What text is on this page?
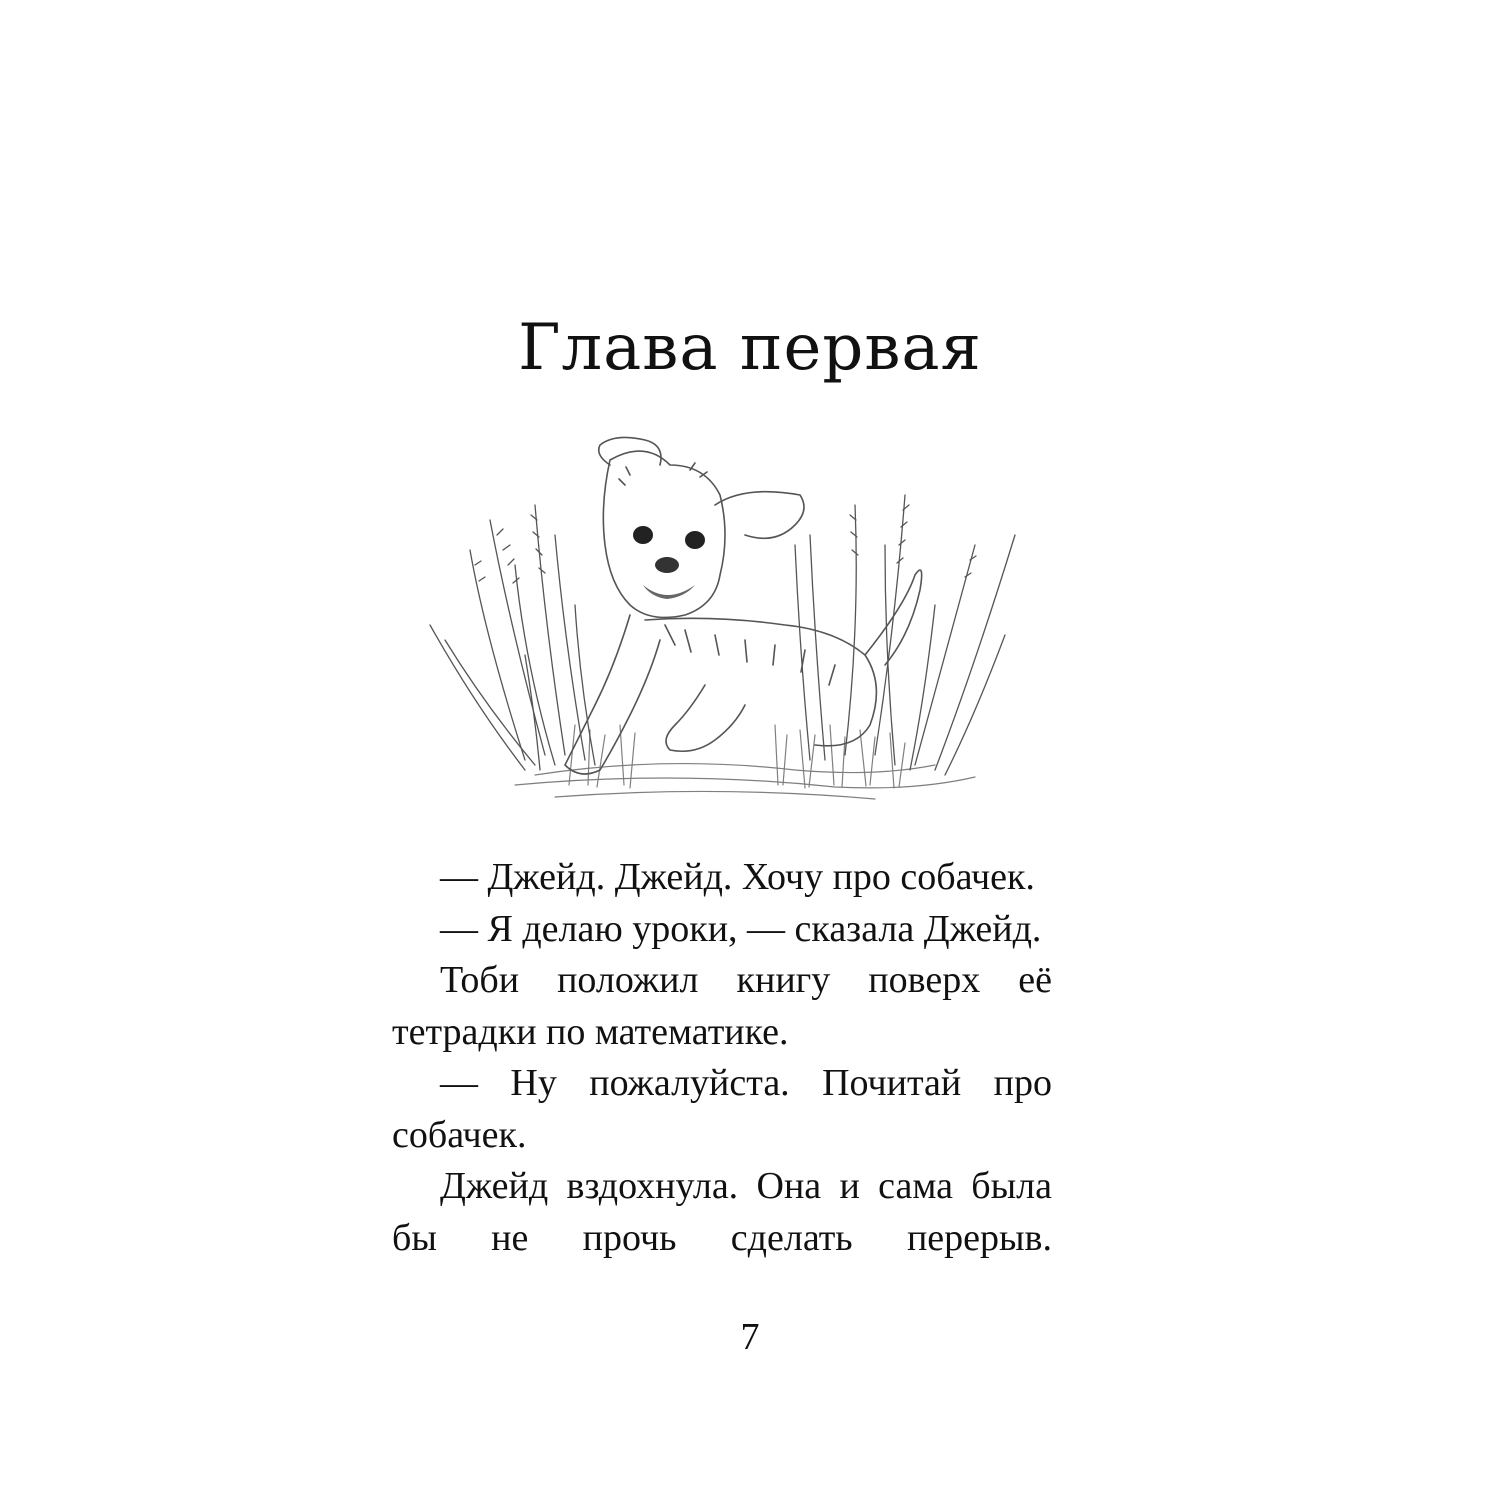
Глава первая

— Джейд. Джейд. Хочу про собачек.

— Я делаю уроки, — сказала Джейд.

Тоби положил книгу поверх её тетрадки по математике.

— Ну пожалуйста. Почитай про собачек.

Джейд вздохнула. Она и сама была бы не прочь сделать перерыв.

7
